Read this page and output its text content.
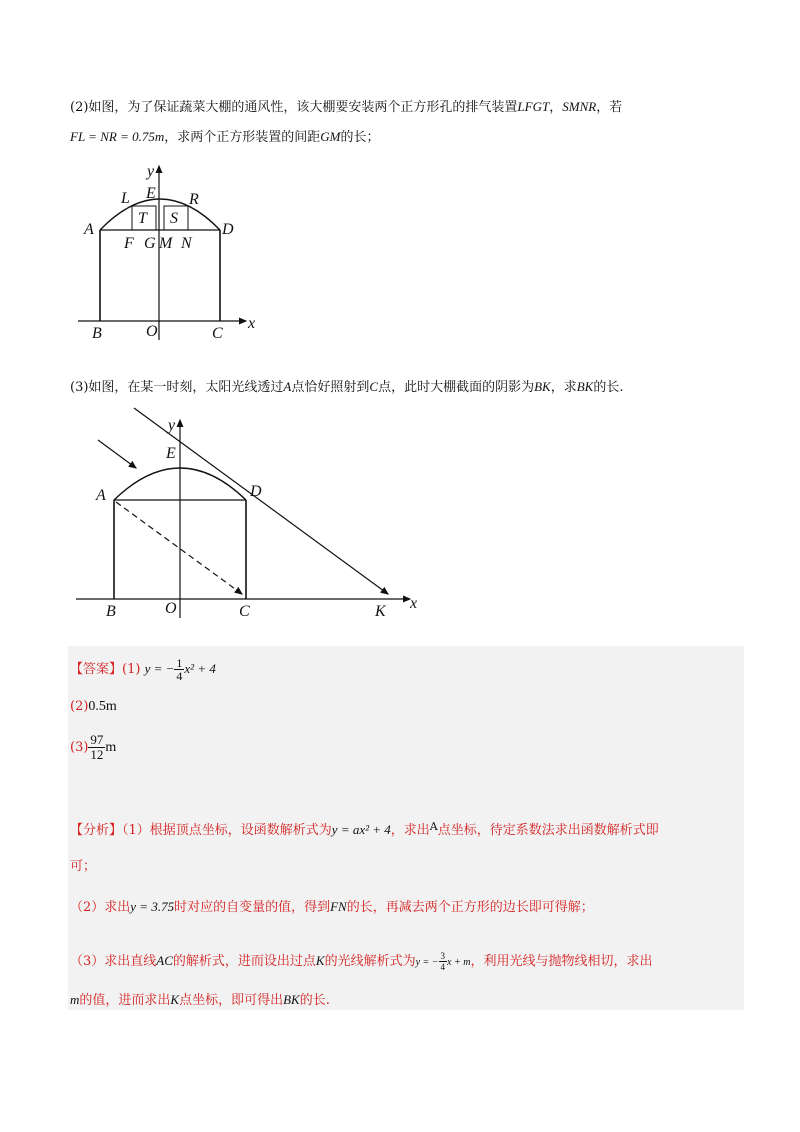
(2)如图，为了保证蔬菜大棚的通风性，该大棚要安装两个正方形孔的排气装置LFGT，SMNR，若
FL = NR = 0.75m，求两个正方形装置的间距GM的长；
y
E
L	R
T S
A	D
F G M N
B	O	C
x
(3)如图，在某一时刻，太阳光线透过A点恰好照射到C点，此时大棚截面的阴影为BK，求BK的长.
y
E
A	D
B	O	C	K x
【答案】(1) y = − $\frac{1}{4} x^2 + 4$
(2)0.5m
$(3) \frac{97}{12}$ m
【分析】（1）根据顶点坐标，设函数解析式为y = ax² + 4，求出$^A$点坐标，待定系数法求出函数解析式即
可；
（2）求出y = 3.75时对应的自变量的值，得到FN的长，再减去两个正方形的边长即可得解；
（3）求出直线AC的解析式，进而设出过点K的光线解析式为y = − $\frac{3}{4}$ x + m，利用光线与抛物线相切，求出
m的值，进而求出K点坐标，即可得出BK的长.
